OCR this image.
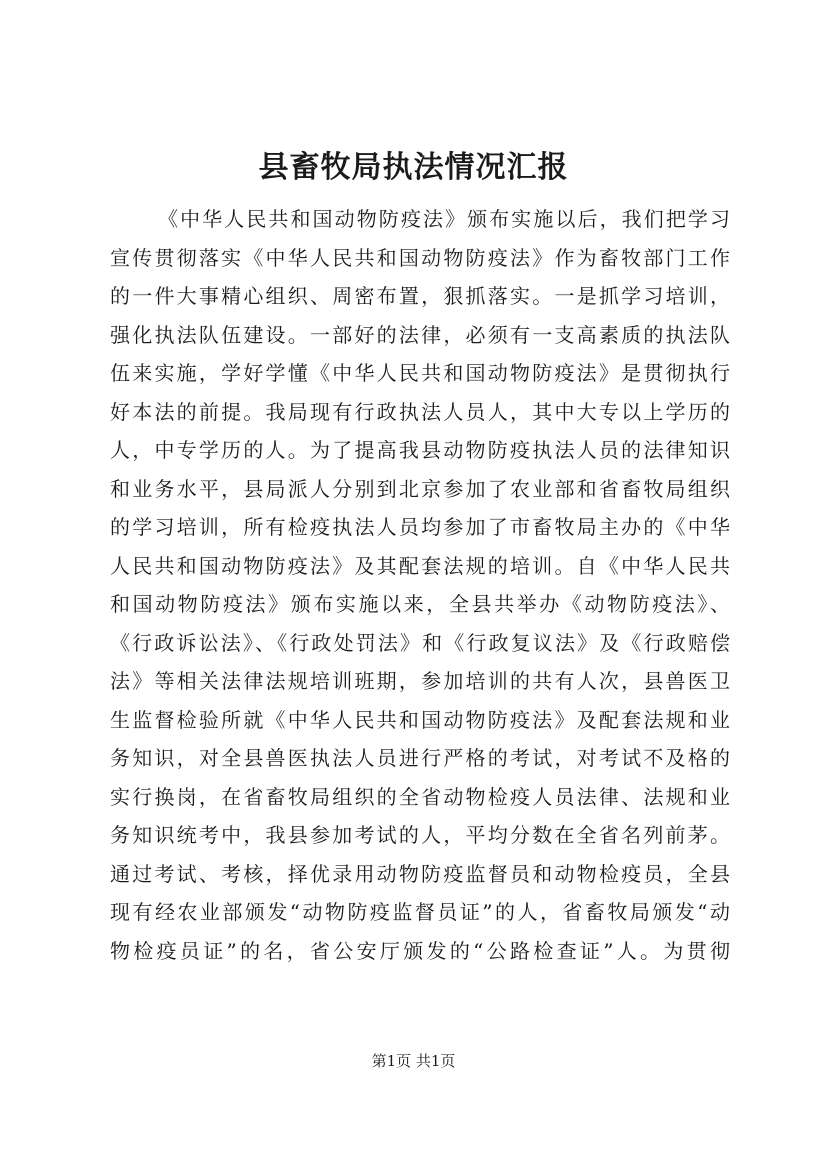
县畜牧局执法情况汇报
《中华人民共和国动物防疫法》颁布实施以后，我们把学习
宣传贯彻落实《中华人民共和国动物防疫法》作为畜牧部门工作
的一件大事精心组织、周密布置，狠抓落实。一是抓学习培训，
强化执法队伍建设。一部好的法律，必须有一支高素质的执法队
伍来实施，学好学懂《中华人民共和国动物防疫法》是贯彻执行
好本法的前提。我局现有行政执法人员人，其中大专以上学历的
人，中专学历的人。为了提高我县动物防疫执法人员的法律知识
和业务水平，县局派人分别到北京参加了农业部和省畜牧局组织
的学习培训，所有检疫执法人员均参加了市畜牧局主办的《中华
人民共和国动物防疫法》及其配套法规的培训。自《中华人民共
和国动物防疫法》颁布实施以来，全县共举办《动物防疫法》、
《行政诉讼法》、《行政处罚法》和《行政复议法》及《行政赔偿
法》等相关法律法规培训班期，参加培训的共有人次，县兽医卫
生监督检验所就《中华人民共和国动物防疫法》及配套法规和业
务知识，对全县兽医执法人员进行严格的考试，对考试不及格的
实行换岗，在省畜牧局组织的全省动物检疫人员法律、法规和业
务知识统考中，我县参加考试的人，平均分数在全省名列前茅。
通过考试、考核，择优录用动物防疫监督员和动物检疫员，全县
现有经农业部颁发“动物防疫监督员证”的人，省畜牧局颁发“动
物检疫员证”的名，省公安厅颁发的“公路检查证”人。为贯彻
第1页 共1页
